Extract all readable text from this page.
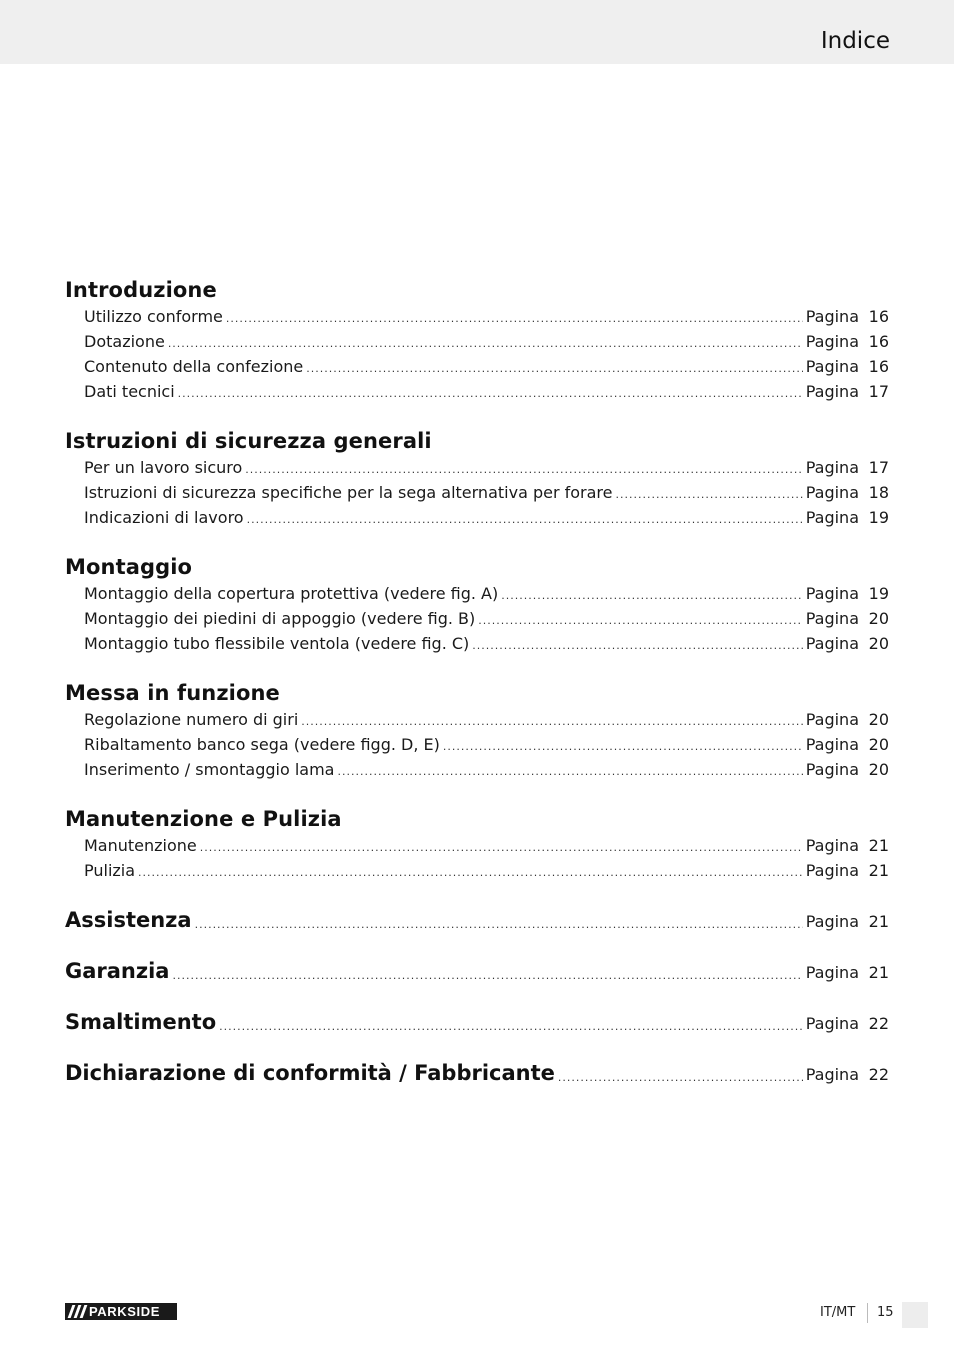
Indice
Introduzione
Utilizzo conforme .....	Pagina 16
Dotazione .....	Pagina 16
Contenuto della confezione .....	Pagina 16
Dati tecnici .....	Pagina 17
Istruzioni di sicurezza generali
Per un lavoro sicuro .....	Pagina 17
Istruzioni di sicurezza specifiche per la sega alternativa per forare .....	Pagina 18
Indicazioni di lavoro .....	Pagina 19
Montaggio
Montaggio della copertura protettiva (vedere fig. A) .....	Pagina 19
Montaggio dei piedini di appoggio (vedere fig. B) .....	Pagina 20
Montaggio tubo flessibile ventola (vedere fig. C) .....	Pagina 20
Messa in funzione
Regolazione numero di giri .....	Pagina 20
Ribaltamento banco sega (vedere figg. D, E) .....	Pagina 20
Inserimento / smontaggio lama .....	Pagina 20
Manutenzione e Pulizia
Manutenzione .....	Pagina 21
Pulizia .....	Pagina 21
Assistenza .....	Pagina 21
Garanzia .....	Pagina 21
Smaltimento .....	Pagina 22
Dichiarazione di conformità / Fabbricante .....	Pagina 22
PARKSIDE	IT/MT 15
